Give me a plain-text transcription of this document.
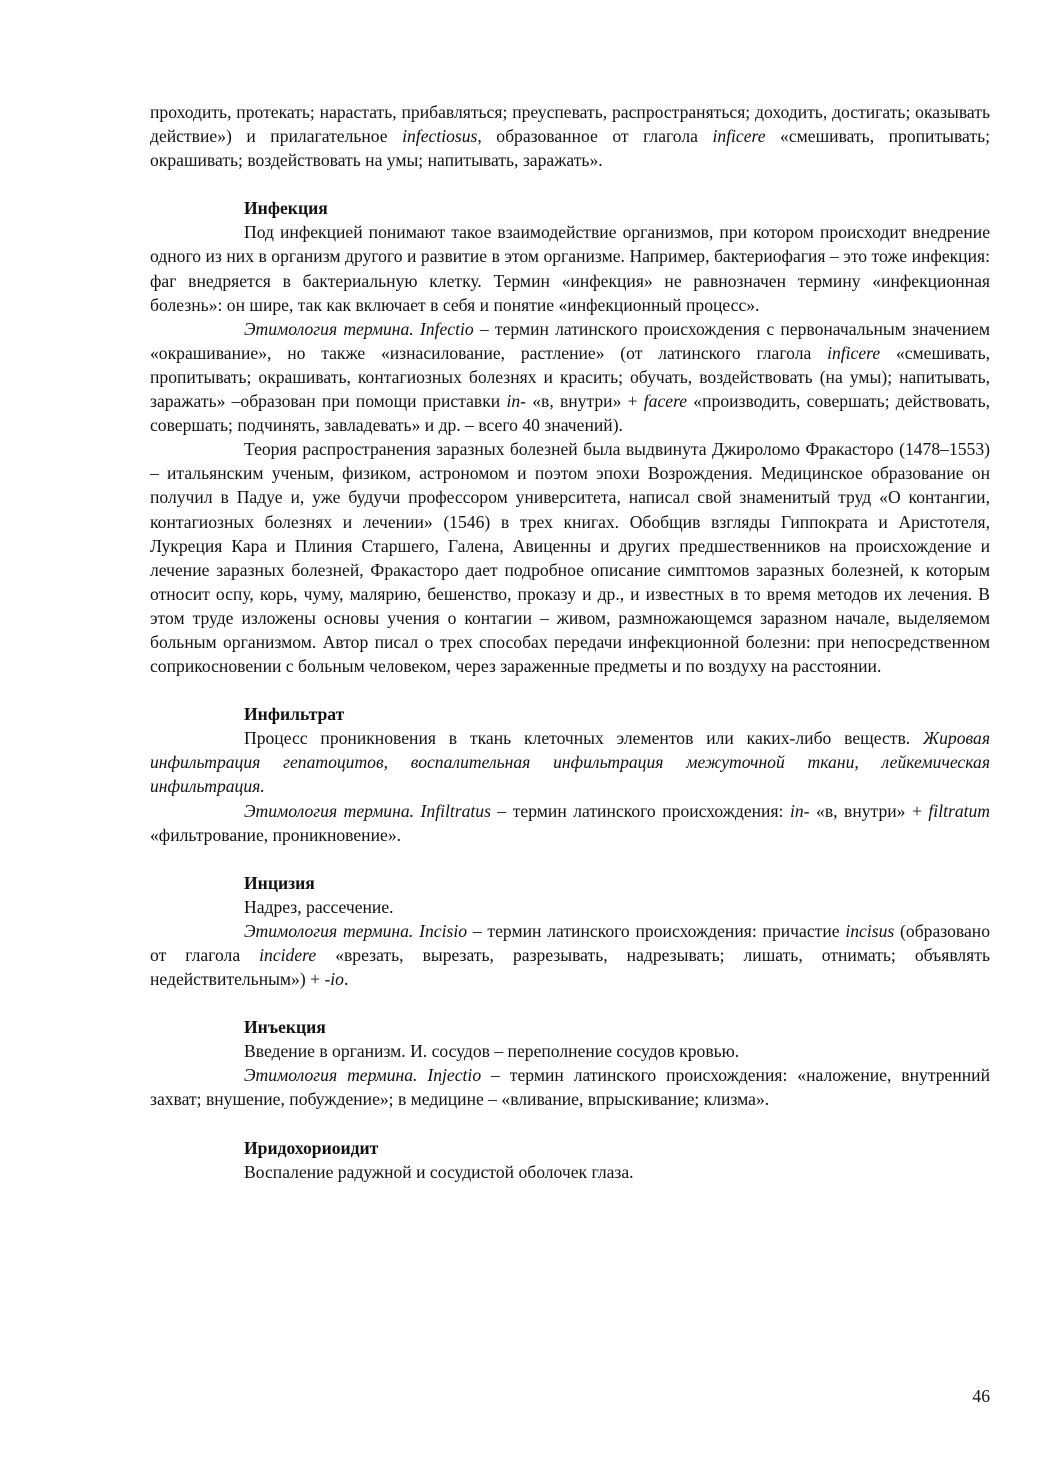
проходить, протекать; нарастать, прибавляться; преуспевать, распространяться; доходить, достигать; оказывать действие») и прилагательное infectiosus, образованное от глагола inficere «смешивать, пропитывать; окрашивать; воздействовать на умы; напитывать, заражать».

Инфекция

Под инфекцией понимают такое взаимодействие организмов, при котором происходит внедрение одного из них в организм другого и развитие в этом организме. Например, бактериофагия – это тоже инфекция: фаг внедряется в бактериальную клетку. Термин «инфекция» не равнозначен термину «инфекционная болезнь»: он шире, так как включает в себя и понятие «инфекционный процесс».

Этимология термина. Infectio – термин латинского происхождения с первоначальным значением «окрашивание», но также «изнасилование, растление» (от латинского глагола inficere «смешивать, пропитывать; окрашивать, контагиозных болезнях и красить; обучать, воздействовать (на умы); напитывать, заражать» –образован при помощи приставки in- «в, внутри» + facere «производить, совершать; действовать, совершать; подчинять, завладевать» и др. – всего 40 значений).

Теория распространения заразных болезней была выдвинута Джироломо Фракасторо (1478–1553) – итальянским ученым, физиком, астрономом и поэтом эпохи Возрождения. Медицинское образование он получил в Падуе и, уже будучи профессором университета, написал свой знаменитый труд «О контангии, контагиозных болезнях и лечении» (1546) в трех книгах. Обобщив взгляды Гиппократа и Аристотеля, Лукреция Кара и Плиния Старшего, Галена, Авиценны и других предшественников на происхождение и лечение заразных болезней, Фракасторо дает подробное описание симптомов заразных болезней, к которым относит оспу, корь, чуму, малярию, бешенство, проказу и др., и известных в то время методов их лечения. В этом труде изложены основы учения о контагии – живом, размножающемся заразном начале, выделяемом больным организмом. Автор писал о трех способах передачи инфекционной болезни: при непосредственном соприкосновении с больным человеком, через зараженные предметы и по воздуху на расстоянии.

Инфильтрат

Процесс проникновения в ткань клеточных элементов или каких-либо веществ. Жировая инфильтрация гепатоцитов, воспалительная инфильтрация межуточной ткани, лейкемическая инфильтрация.

Этимология термина. Infiltratus – термин латинского происхождения: in- «в, внутри» + filtratum «фильтрование, проникновение».

Инцизия

Надрез, рассечение.

Этимология термина. Incisio – термин латинского происхождения: причастие incisus (образовано от глагола incidere «врезать, вырезать, разрезывать, надрезывать; лишать, отнимать; объявлять недействительным») + -io.

Инъекция

Введение в организм. И. сосудов – переполнение сосудов кровью.

Этимология термина. Injectio – термин латинского происхождения: «наложение, внутренний захват; внушение, побуждение»; в медицине – «вливание, впрыскивание; клизма».

Иридохориоидит

Воспаление радужной и сосудистой оболочек глаза.

46
